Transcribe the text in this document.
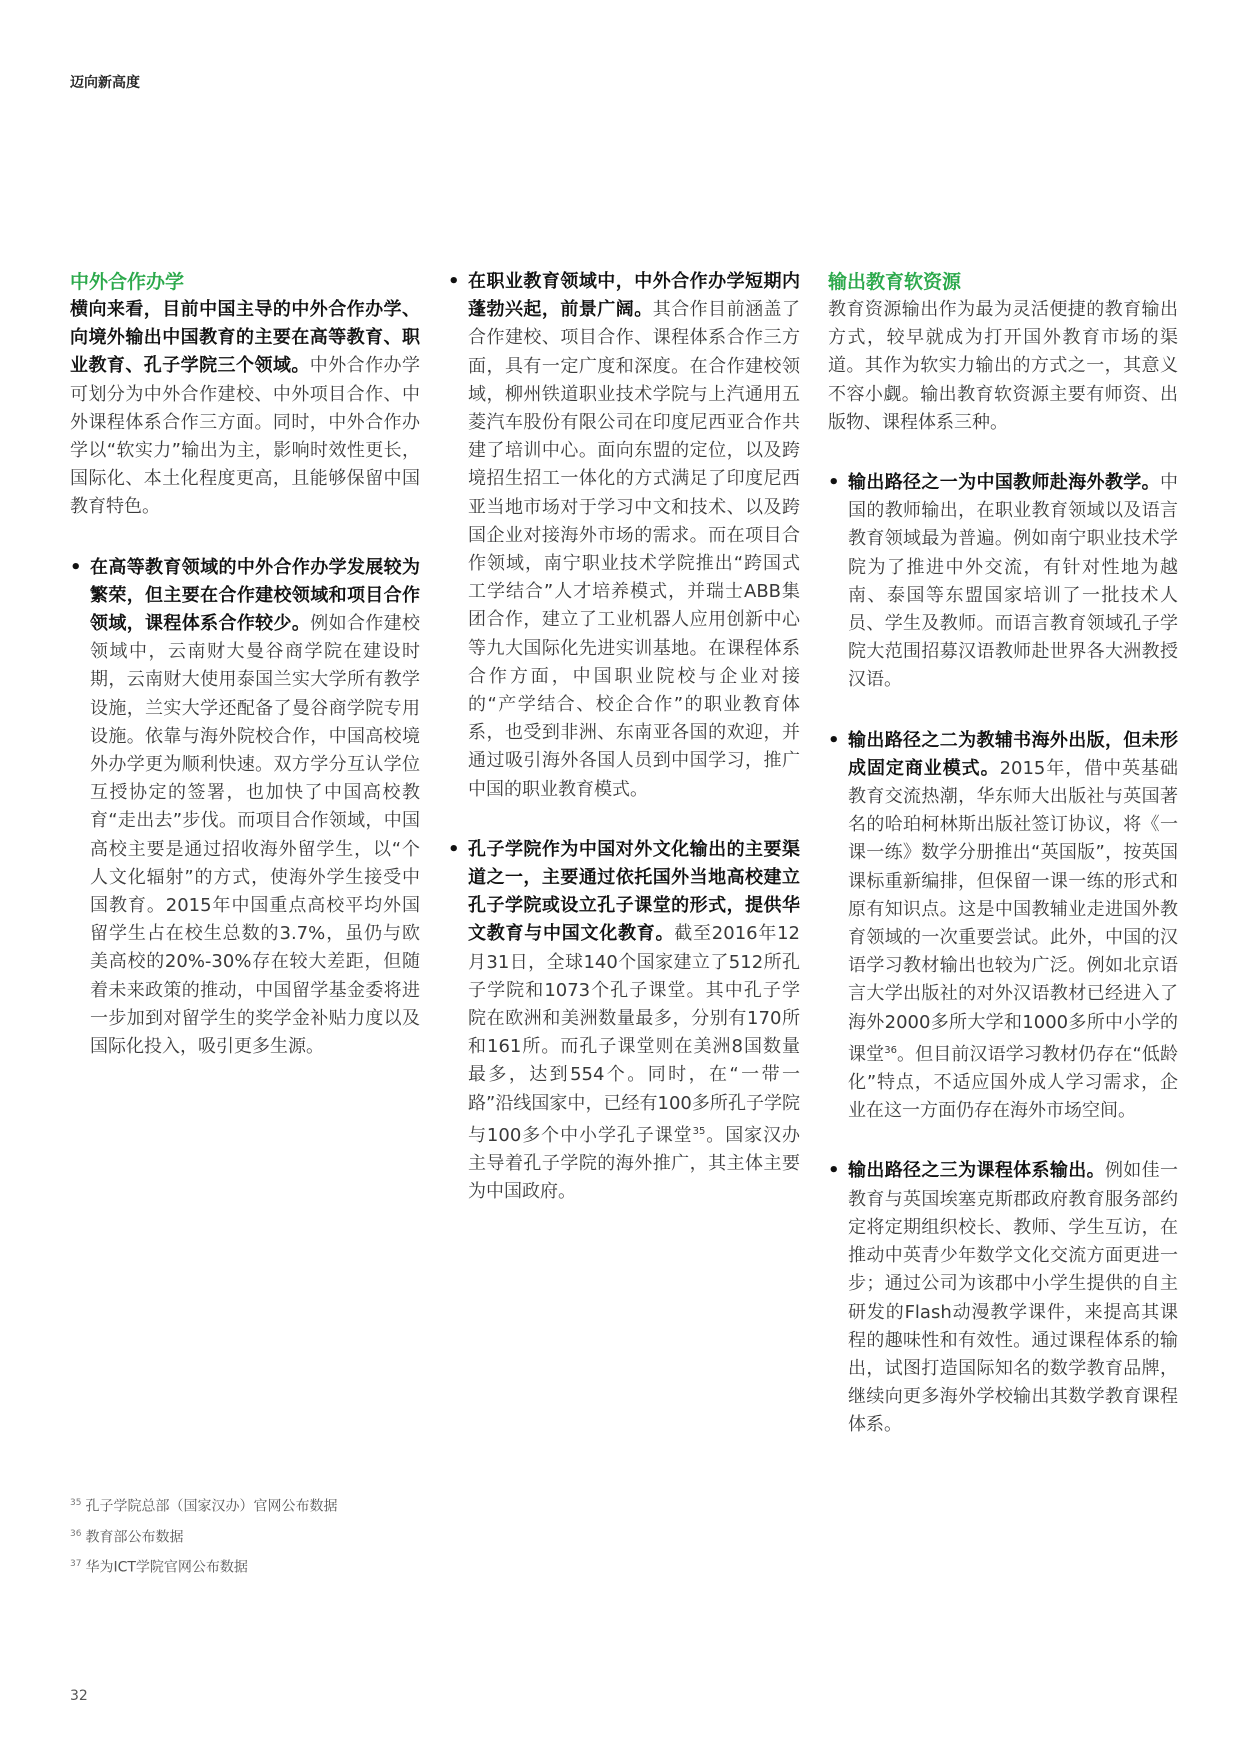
迈向新高度
中外合作办学

横向来看，目前中国主导的中外合作办学、向境外输出中国教育的主要在高等教育、职业教育、孔子学院三个领域。中外合作办学可划分为中外合作建校、中外项目合作、中外课程体系合作三方面。同时，中外合作办学以“软实力”输出为主，影响时效性更长，国际化、本土化程度更高，且能够保留中国教育特色。

• 在高等教育领域的中外合作办学发展较为繁荣，但主要在合作建校领域和项目合作领域，课程体系合作较少。例如合作建校领域中，云南财大曼谷商学院在建设时期，云南财大使用泰国兰实大学所有教学设施，兰实大学还配备了曼谷商学院专用设施。依靠与海外院校合作，中国高校境外办学更为顺利快速。双方学分互认学位互授协定的签署，也加快了中国高校教育“走出去”步伐。而项目合作领域，中国高校主要是通过招收海外留学生，以“个人文化辐射”的方式，使海外学生接受中国教育。2015年中国重点高校平均外国留学生占在校生总数的3.7%，虽仍与欧美高校的20%-30%存在较大差距，但随着未来政策的推动，中国留学基金委将进一步加到对留学生的奖学金补贴力度以及国际化投入，吸引更多生源。

• 在职业教育领域中，中外合作办学短期内蓬勃兴起，前景广阔。其合作目前涵盖了合作建校、项目合作、课程体系合作三方面，具有一定广度和深度。在合作建校领域，柳州铁道职业技术学院与上汽通用五菱汽车股份有限公司在印度尼西亚合作共建了培训中心。面向东盟的定位，以及跨境招生招工一体化的方式满足了印度尼西亚当地市场对于学习中文和技术、以及跨国企业对接海外市场的需求。而在项目合作领域，南宁职业技术学院推出“跨国式工学结合”人才培养模式，并瑞士ABB集团合作，建立了工业机器人应用创新中心等九大国际化先进实训基地。在课程体系合作方面，中国职业院校与企业对接的“产学结合、校企合作”的职业教育体系，也受到非洲、东南亚各国的欢迎，并通过吸引海外各国人员到中国学习，推广中国的职业教育模式。

• 孔子学院作为中国对外文化输出的主要渠道之一，主要通过依托国外当地高校建立孔子学院或设立孔子课堂的形式，提供华文教育与中国文化教育。截至2016年12月31日，全球140个国家建立了512所孔子学院和1073个孔子课堂。其中孔子学院在欧洲和美洲数量最多，分别有170所和161所。而孔子课堂则在美洲8国数量最多，达到554个。同时，在“一带一路”沿线国家中，已经有100多所孔子学院与100多个中小学孔子课堂$^{35}$。国家汉办主导着孔子学院的海外推广，其主体主要为中国政府。

输出教育软资源

教育资源输出作为最为灵活便捷的教育输出方式，较早就成为打开国外教育市场的渠道。其作为软实力输出的方式之一，其意义不容小觑。输出教育软资源主要有师资、出版物、课程体系三种。

• 输出路径之一为中国教师赴海外教学。中国的教师输出，在职业教育领域以及语言教育领域最为普遍。例如南宁职业技术学院为了推进中外交流，有针对性地为越南、泰国等东盟国家培训了一批技术人员、学生及教师。而语言教育领域孔子学院大范围招募汉语教师赴世界各大洲教授汉语。

• 输出路径之二为教辅书海外出版，但未形成固定商业模式。2015年，借中英基础教育交流热潮，华东师大出版社与英国著名的哈珀柯林斯出版社签订协议，将《一课一练》数学分册推出“英国版”，按英国课标重新编排，但保留一课一练的形式和原有知识点。这是中国教辅业走进国外教育领域的一次重要尝试。此外，中国的汉语学习教材输出也较为广泛。例如北京语言大学出版社的对外汉语教材已经进入了海外2000多所大学和1000多所中小学的课堂$^{36}$。但目前汉语学习教材仍存在“低龄化”特点，不适应国外成人学习需求，企业在这一方面仍存在海外市场空间。

• 输出路径之三为课程体系输出。例如佳一教育与英国埃塞克斯郡政府教育服务部约定将定期组织校长、教师、学生互访，在推动中英青少年数学文化交流方面更进一步；通过公司为该郡中小学生提供的自主研发的Flash动漫教学课件，来提高其课程的趣味性和有效性。通过课程体系的输出，试图打造国际知名的数学教育品牌，继续向更多海外学校输出其数学教育课程体系。

$^{35}$ 孔子学院总部（国家汉办）官网公布数据
$^{36}$ 教育部公布数据
$^{37}$ 华为ICT学院官网公布数据
32
